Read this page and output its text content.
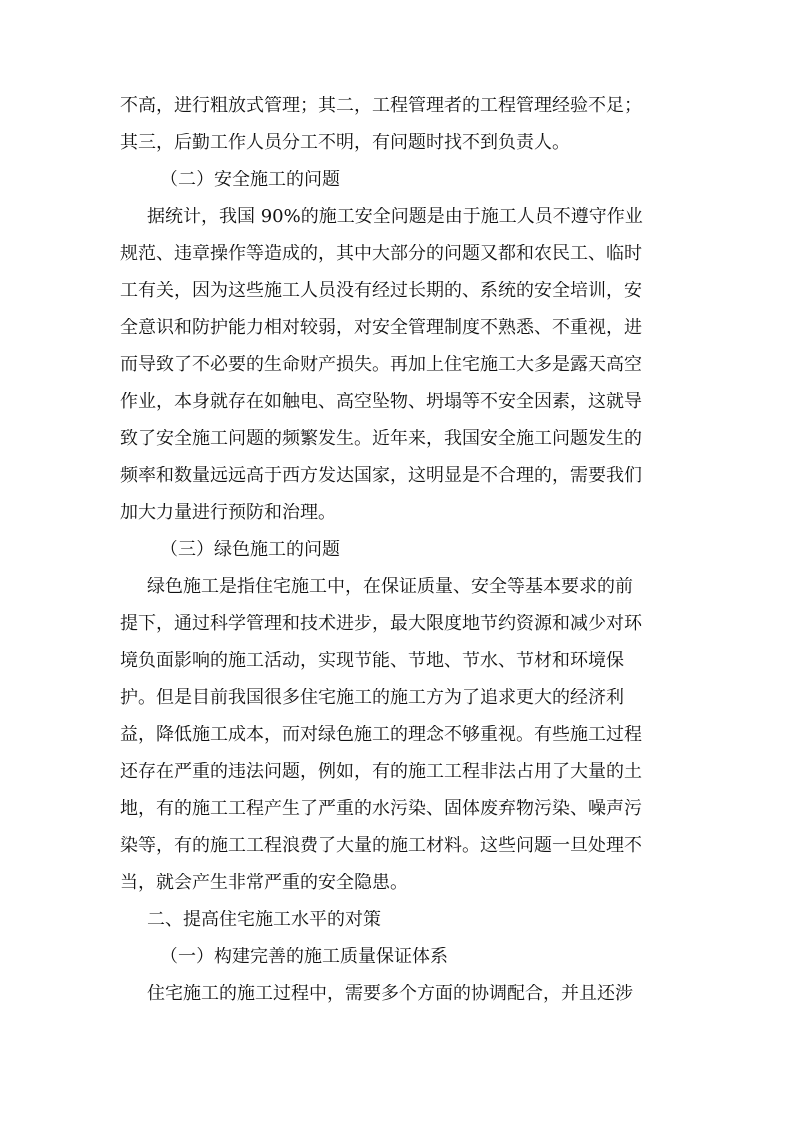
不高，进行粗放式管理；其二，工程管理者的工程管理经验不足；
其三，后勤工作人员分工不明，有问题时找不到负责人。
（二）安全施工的问题
据统计，我国 90%的施工安全问题是由于施工人员不遵守作业
规范、违章操作等造成的，其中大部分的问题又都和农民工、临时
工有关，因为这些施工人员没有经过长期的、系统的安全培训，安
全意识和防护能力相对较弱，对安全管理制度不熟悉、不重视，进
而导致了不必要的生命财产损失。再加上住宅施工大多是露天高空
作业，本身就存在如触电、高空坠物、坍塌等不安全因素，这就导
致了安全施工问题的频繁发生。近年来，我国安全施工问题发生的
频率和数量远远高于西方发达国家，这明显是不合理的，需要我们
加大力量进行预防和治理。
（三）绿色施工的问题
绿色施工是指住宅施工中，在保证质量、安全等基本要求的前
提下，通过科学管理和技术进步，最大限度地节约资源和减少对环
境负面影响的施工活动，实现节能、节地、节水、节材和环境保
护。但是目前我国很多住宅施工的施工方为了追求更大的经济利
益，降低施工成本，而对绿色施工的理念不够重视。有些施工过程
还存在严重的违法问题，例如，有的施工工程非法占用了大量的土
地，有的施工工程产生了严重的水污染、固体废弃物污染、噪声污
染等，有的施工工程浪费了大量的施工材料。这些问题一旦处理不
当，就会产生非常严重的安全隐患。
二、提高住宅施工水平的对策
（一）构建完善的施工质量保证体系
住宅施工的施工过程中，需要多个方面的协调配合，并且还涉
